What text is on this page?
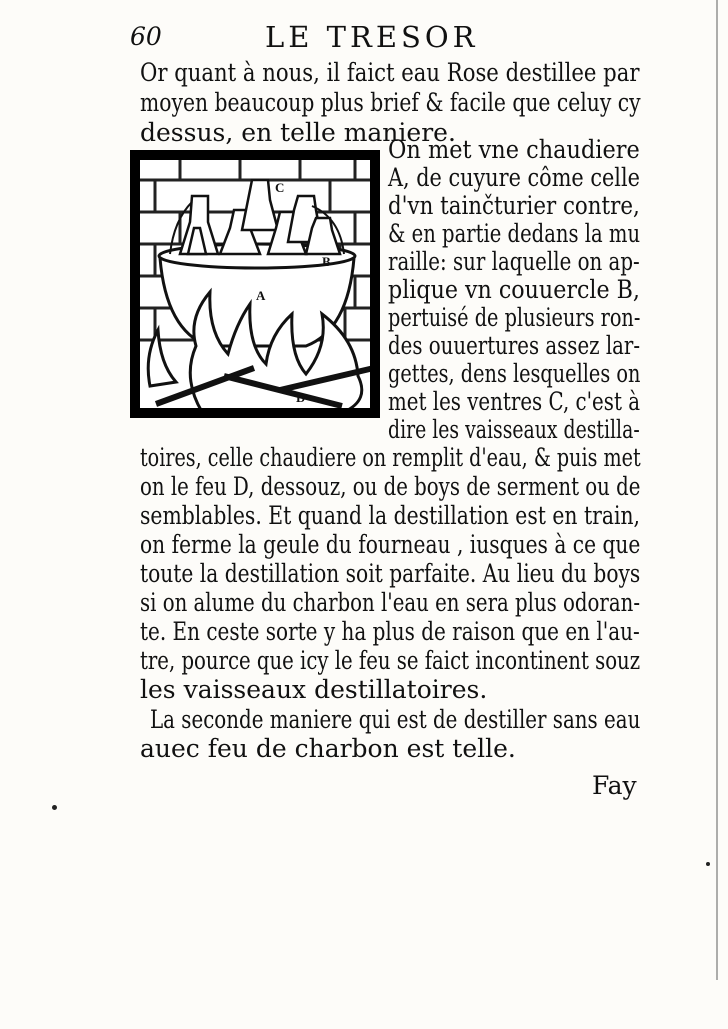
60	LE TRESOR
Or quant à nous, il faict eau Rose destillee par
moyen beaucoup plus brief & facile que celuy cy
dessus, en telle maniere.
A
B
C
D
On met vne chaudiere
A, de cuyure côme celle
d'vn tainčturier contre,
& en partie dedans la mu
raille: sur laquelle on ap-
plique vn couuercle B,
pertuisé de plusieurs ron-
des ouuertures assez lar-
gettes, dens lesquelles on
met les ventres C, c'est à
dire les vaisseaux destilla-
toires, celle chaudiere on remplit d'eau, & puis met
on le feu D, dessouz, ou de boys de serment ou de
semblables. Et quand la destillation est en train,
on ferme la geule du fourneau , iusques à ce que
toute la destillation soit parfaite. Au lieu du boys
si on alume du charbon l'eau en sera plus odoran-
te. En ceste sorte y ha plus de raison que en l'au-
tre, pource que icy le feu se faict incontinent souz
les vaisseaux destillatoires.
La seconde maniere qui est de destiller sans eau
auec feu de charbon est telle.
Fay
